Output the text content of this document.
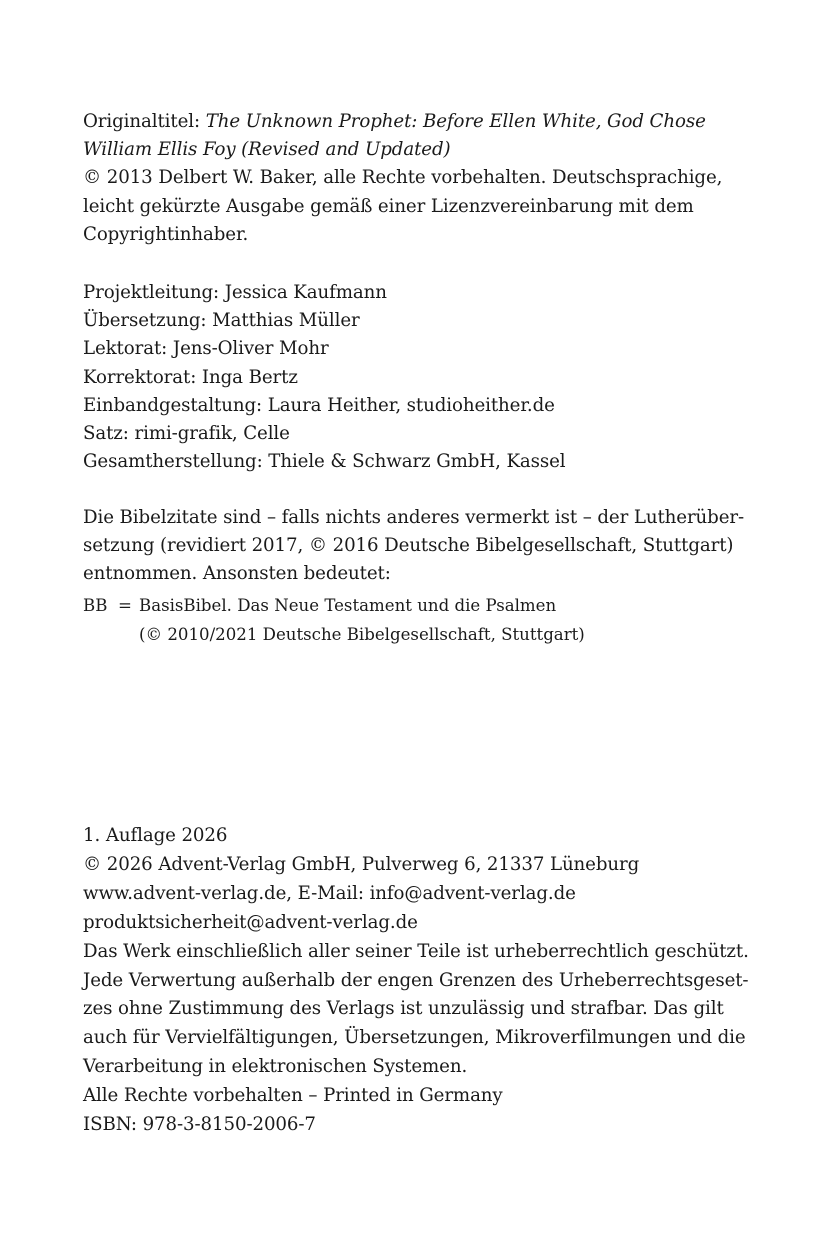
Originaltitel: The Unknown Prophet: Before Ellen White, God Chose
William Ellis Foy (Revised and Updated)
© 2013 Delbert W. Baker, alle Rechte vorbehalten. Deutschsprachige,
leicht gekürzte Ausgabe gemäß einer Lizenzvereinbarung mit dem
Copyrightinhaber.
Projektleitung: Jessica Kaufmann
Übersetzung: Matthias Müller
Lektorat: Jens-Oliver Mohr
Korrektorat: Inga Bertz
Einbandgestaltung: Laura Heither, studioheither.de
Satz: rimi-grafik, Celle
Gesamtherstellung: Thiele & Schwarz GmbH, Kassel
Die Bibelzitate sind – falls nichts anderes vermerkt ist – der Lutherüber-
setzung (revidiert 2017, © 2016 Deutsche Bibelgesellschaft, Stuttgart)
entnommen. Ansonsten bedeutet:
BB = BasisBibel. Das Neue Testament und die Psalmen
(© 2010/2021 Deutsche Bibelgesellschaft, Stuttgart)
1. Auflage 2026
© 2026 Advent-Verlag GmbH, Pulverweg 6, 21337 Lüneburg
www.advent-verlag.de, E-Mail: info@advent-verlag.de
produktsicherheit@advent-verlag.de
Das Werk einschließlich aller seiner Teile ist urheberrechtlich geschützt.
Jede Verwertung außerhalb der engen Grenzen des Urheberrechtsgeset-
zes ohne Zustimmung des Verlags ist unzulässig und strafbar. Das gilt
auch für Vervielfältigungen, Übersetzungen, Mikroverfilmungen und die
Verarbeitung in elektronischen Systemen.
Alle Rechte vorbehalten – Printed in Germany
ISBN: 978-3-8150-2006-7
